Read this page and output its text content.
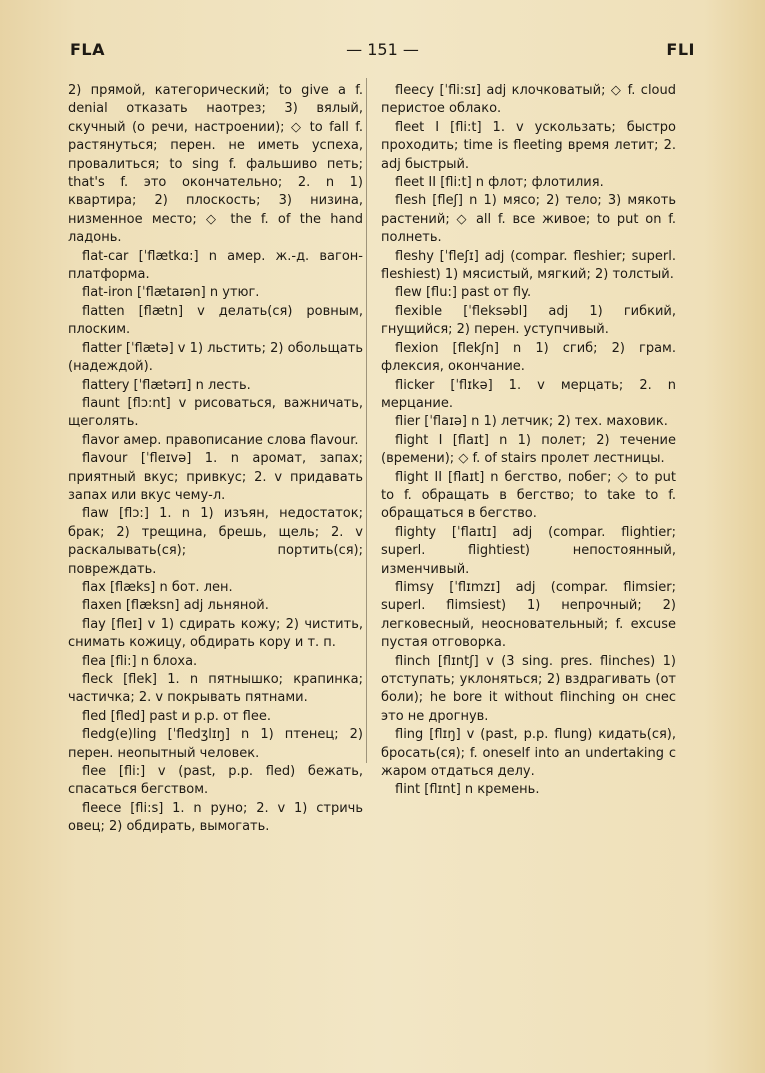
FLA	— 151 —	FLI

2) прямой, категорический; to give a f. denial отказать наотрез; 3) вялый, скучный (о речи, настроении); ◇ to fall f. растянуться; перен. не иметь успеха, провалиться; to sing f. фальшиво петь; that's f. это окончательно; 2. n 1) квартира; 2) плоскость; 3) низина, низменное место; ◇ the f. of the hand ладонь.

flat-car [ˈflætkɑ:] n амер. ж.-д. вагон-платформа.

flat-iron [ˈflætaɪən] n утюг.

flatten [flætn] v делать(ся) ровным, плоским.

flatter [ˈflætə] v 1) льстить; 2) обольщать (надеждой).

flattery [ˈflætərɪ] n лесть.

flaunt [flɔ:nt] v рисоваться, важничать, щеголять.

flavor амер. правописание слова flavour.

flavour [ˈfleɪvə] 1. n аромат, запах; приятный вкус; привкус; 2. v придавать запах или вкус чему-л.

flaw [flɔ:] 1. n 1) изъян, недостаток; брак; 2) трещина, брешь, щель; 2. v раскалывать(ся); портить(ся); повреждать.

flax [flæks] n бот. лен.

flaxen [flæksn] adj льняной.

flay [fleɪ] v 1) сдирать кожу; 2) чистить, снимать кожицу, обдирать кору и т. п.

flea [fli:] n блоха.

fleck [flek] 1. n пятнышко; крапинка; частичка; 2. v покрывать пятнами.

fled [fled] past и p.p. от flee.

fledg(e)ling [ˈfledʒlɪŋ] n 1) птенец; 2) перен. неопытный человек.

flee [fli:] v (past, p.p. fled) бежать, спасаться бегством.

fleece [fli:s] 1. n руно; 2. v 1) стричь овец; 2) обдирать, вымогать.

fleecy [ˈfli:sɪ] adj клочковатый; ◇ f. cloud перистое облако.

fleet I [fli:t] 1. v ускользать; быстро проходить; time is fleeting время летит; 2. adj быстрый.

fleet II [fli:t] n флот; флотилия.

flesh [fleʃ] n 1) мясо; 2) тело; 3) мякоть растений; ◇ all f. все живое; to put on f. полнеть.

fleshy [ˈfleʃɪ] adj (compar. fleshier; superl. fleshiest) 1) мясистый, мягкий; 2) толстый.

flew [flu:] past от fly.

flexible [ˈfleksəbl] adj 1) гибкий, гнущийся; 2) перен. уступчивый.

flexion [flekʃn] n 1) сгиб; 2) грам. флексия, окончание.

flicker [ˈflɪkə] 1. v мерцать; 2. n мерцание.

flier [ˈflaɪə] n 1) летчик; 2) тех. маховик.

flight I [flaɪt] n 1) полет; 2) течение (времени); ◇ f. of stairs пролет лестницы.

flight II [flaɪt] n бегство, побег; ◇ to put to f. обращать в бегство; to take to f. обращаться в бегство.

flighty [ˈflaɪtɪ] adj (compar. flightier; superl. flightiest) непостоянный, изменчивый.

flimsy [ˈflɪmzɪ] adj (compar. flimsier; superl. flimsiest) 1) непрочный; 2) легковесный, неосновательный; f. excuse пустая отговорка.

flinch [flɪntʃ] v (3 sing. pres. flinches) 1) отступать; уклоняться; 2) вздрагивать (от боли); he bore it without flinching он снес это не дрогнув.

fling [flɪŋ] v (past, p.p. flung) кидать(ся), бросать(ся); f. oneself into an undertaking с жаром отдаться делу.

flint [flɪnt] n кремень.
